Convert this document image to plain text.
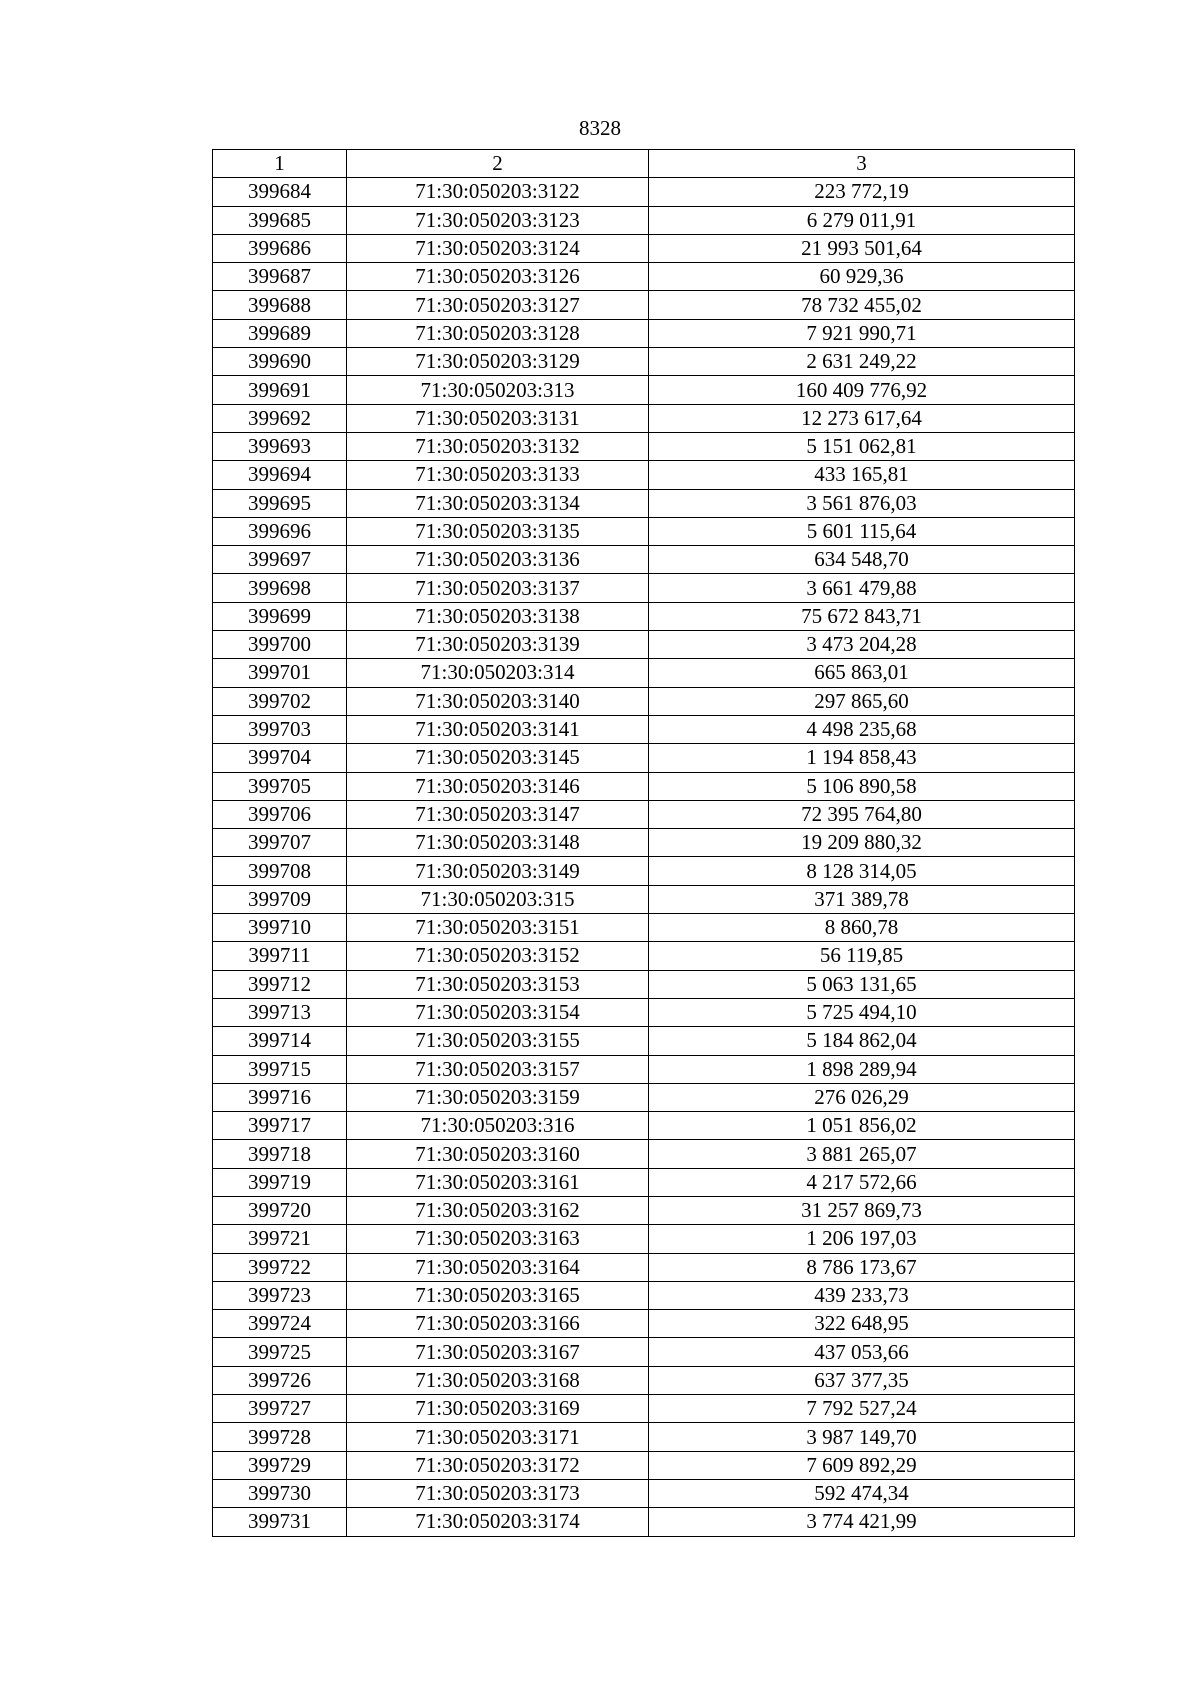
8328
1	2	3
399684	71:30:050203:3122	223 772,19
399685	71:30:050203:3123	6 279 011,91
399686	71:30:050203:3124	21 993 501,64
399687	71:30:050203:3126	60 929,36
399688	71:30:050203:3127	78 732 455,02
399689	71:30:050203:3128	7 921 990,71
399690	71:30:050203:3129	2 631 249,22
399691	71:30:050203:313	160 409 776,92
399692	71:30:050203:3131	12 273 617,64
399693	71:30:050203:3132	5 151 062,81
399694	71:30:050203:3133	433 165,81
399695	71:30:050203:3134	3 561 876,03
399696	71:30:050203:3135	5 601 115,64
399697	71:30:050203:3136	634 548,70
399698	71:30:050203:3137	3 661 479,88
399699	71:30:050203:3138	75 672 843,71
399700	71:30:050203:3139	3 473 204,28
399701	71:30:050203:314	665 863,01
399702	71:30:050203:3140	297 865,60
399703	71:30:050203:3141	4 498 235,68
399704	71:30:050203:3145	1 194 858,43
399705	71:30:050203:3146	5 106 890,58
399706	71:30:050203:3147	72 395 764,80
399707	71:30:050203:3148	19 209 880,32
399708	71:30:050203:3149	8 128 314,05
399709	71:30:050203:315	371 389,78
399710	71:30:050203:3151	8 860,78
399711	71:30:050203:3152	56 119,85
399712	71:30:050203:3153	5 063 131,65
399713	71:30:050203:3154	5 725 494,10
399714	71:30:050203:3155	5 184 862,04
399715	71:30:050203:3157	1 898 289,94
399716	71:30:050203:3159	276 026,29
399717	71:30:050203:316	1 051 856,02
399718	71:30:050203:3160	3 881 265,07
399719	71:30:050203:3161	4 217 572,66
399720	71:30:050203:3162	31 257 869,73
399721	71:30:050203:3163	1 206 197,03
399722	71:30:050203:3164	8 786 173,67
399723	71:30:050203:3165	439 233,73
399724	71:30:050203:3166	322 648,95
399725	71:30:050203:3167	437 053,66
399726	71:30:050203:3168	637 377,35
399727	71:30:050203:3169	7 792 527,24
399728	71:30:050203:3171	3 987 149,70
399729	71:30:050203:3172	7 609 892,29
399730	71:30:050203:3173	592 474,34
399731	71:30:050203:3174	3 774 421,99
